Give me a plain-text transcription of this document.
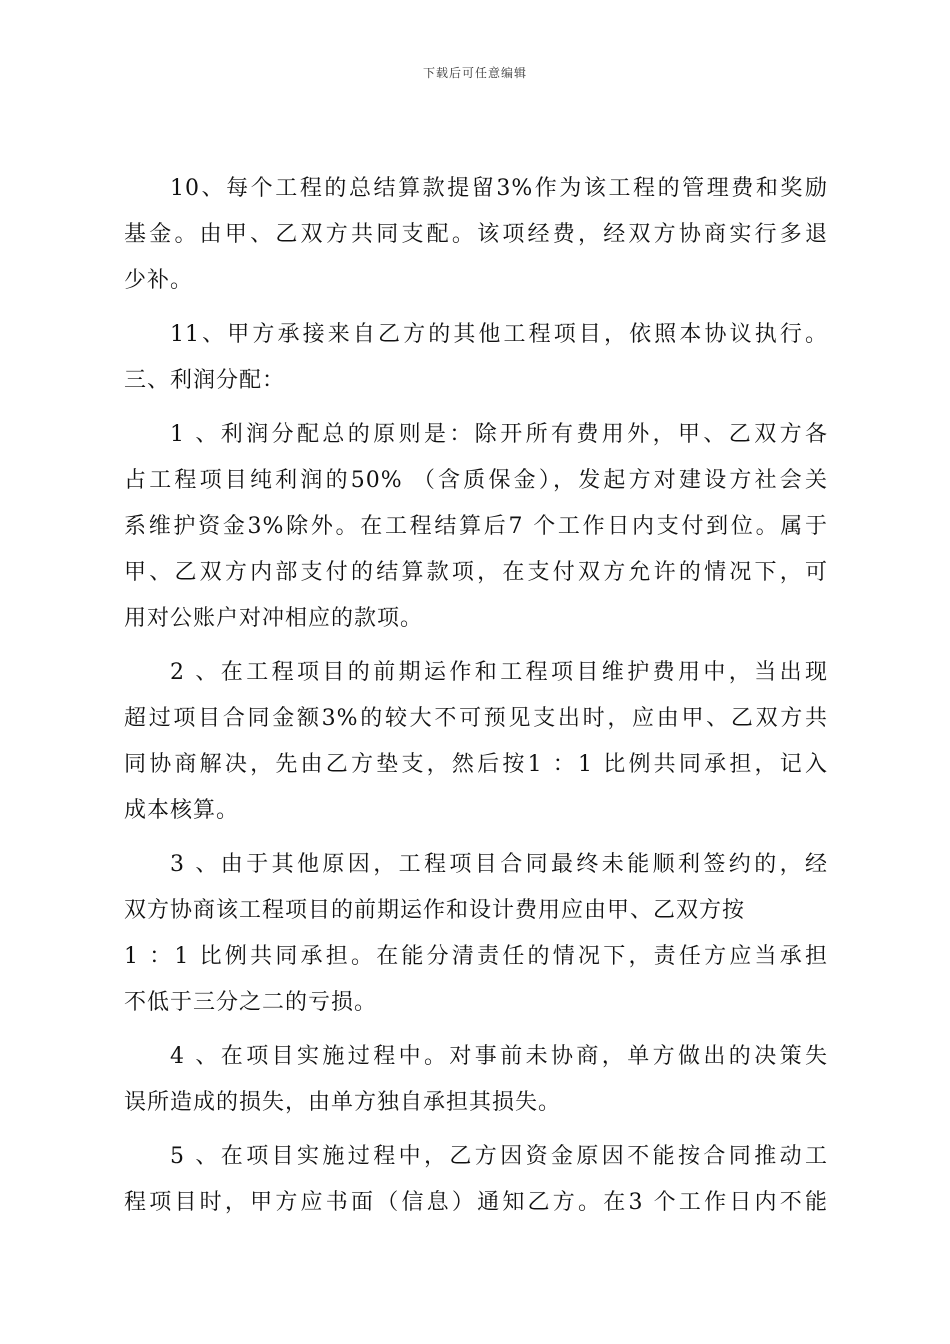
下载后可任意编辑
10、每个工程的总结算款提留3%作为该工程的管理费和奖励
基金。由甲、乙双方共同支配。该项经费，经双方协商实行多退
少补。
11、甲方承接来自乙方的其他工程项目，依照本协议执行。
三、利润分配：
1 、利润分配总的原则是：除开所有费用外，甲、乙双方各
占工程项目纯利润的50% （含质保金），发起方对建设方社会关
系维护资金3%除外。在工程结算后7 个工作日内支付到位。属于
甲、乙双方内部支付的结算款项，在支付双方允许的情况下，可
用对公账户对冲相应的款项。
2 、在工程项目的前期运作和工程项目维护费用中，当出现
超过项目合同金额3%的较大不可预见支出时，应由甲、乙双方共
同协商解决，先由乙方垫支，然后按1 ：1 比例共同承担，记入
成本核算。
3 、由于其他原因，工程项目合同最终未能顺利签约的，经
双方协商该工程项目的前期运作和设计费用应由甲、乙双方按
1 ：1 比例共同承担。在能分清责任的情况下，责任方应当承担
不低于三分之二的亏损。
4 、在项目实施过程中。对事前未协商，单方做出的决策失
误所造成的损失，由单方独自承担其损失。
5 、在项目实施过程中，乙方因资金原因不能按合同推动工
程项目时，甲方应书面（信息）通知乙方。在3 个工作日内不能
